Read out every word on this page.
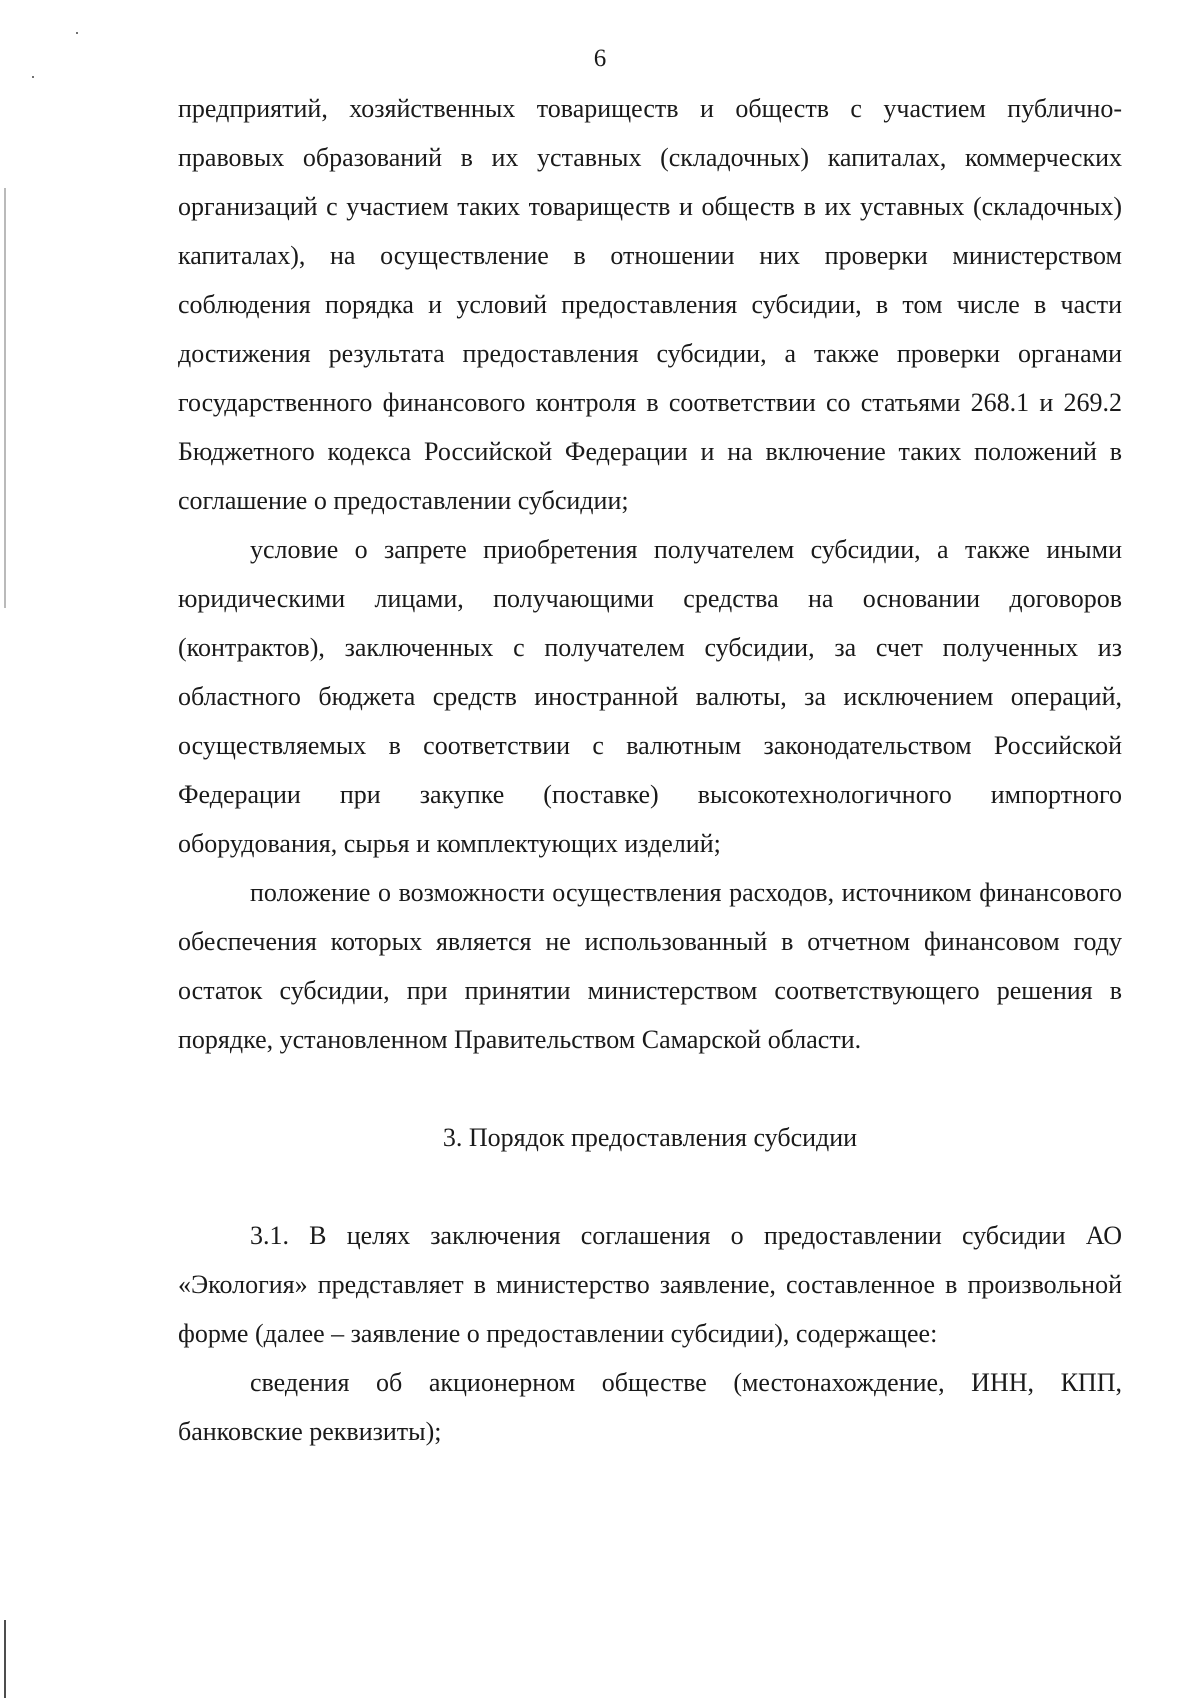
6

предприятий, хозяйственных товариществ и обществ с участием публично-правовых образований в их уставных (складочных) капиталах, коммерческих организаций с участием таких товариществ и обществ в их уставных (складочных) капиталах), на осуществление в отношении них проверки министерством соблюдения порядка и условий предоставления субсидии, в том числе в части достижения результата предоставления субсидии, а также проверки органами государственного финансового контроля в соответствии со статьями 268.1 и 269.2 Бюджетного кодекса Российской Федерации и на включение таких положений в соглашение о предоставлении субсидии;

условие о запрете приобретения получателем субсидии, а также иными юридическими лицами, получающими средства на основании договоров (контрактов), заключенных с получателем субсидии, за счет полученных из областного бюджета средств иностранной валюты, за исключением операций, осуществляемых в соответствии с валютным законодательством Российской Федерации при закупке (поставке) высокотехнологичного импортного оборудования, сырья и комплектующих изделий;

положение о возможности осуществления расходов, источником финансового обеспечения которых является не использованный в отчетном финансовом году остаток субсидии, при принятии министерством соответствующего решения в порядке, установленном Правительством Самарской области.

3. Порядок предоставления субсидии

3.1. В целях заключения соглашения о предоставлении субсидии АО «Экология» представляет в министерство заявление, составленное в произвольной форме (далее – заявление о предоставлении субсидии), содержащее:

сведения об акционерном обществе (местонахождение, ИНН, КПП, банковские реквизиты);
